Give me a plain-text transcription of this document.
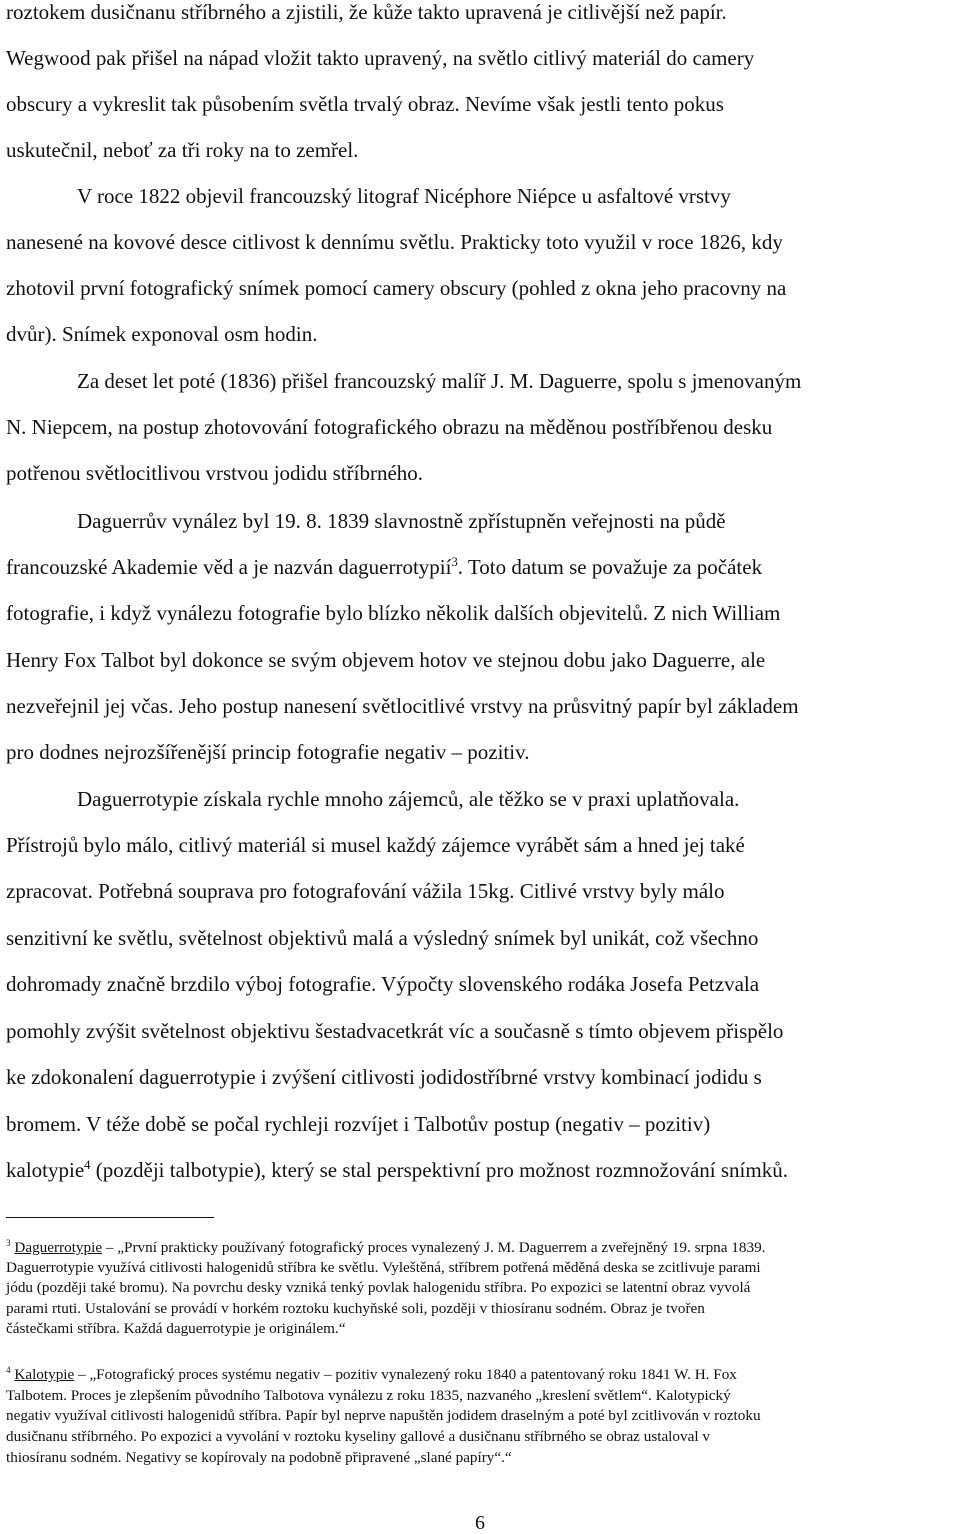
roztokem dusičnanu stříbrného a zjistili, že kůže takto upravená je citlivější než papír.
Wegwood pak přišel na nápad vložit takto upravený, na světlo citlivý materiál do camery
obscury a vykreslit tak působením světla trvalý obraz. Nevíme však jestli tento pokus
uskutečnil, neboť za tři roky na to zemřel.
V roce 1822 objevil francouzský litograf Nicéphore Niépce u asfaltové vrstvy
nanesené na kovové desce citlivost k dennímu světlu. Prakticky toto využil v roce 1826, kdy
zhotovil první fotografický snímek pomocí camery obscury (pohled z okna jeho pracovny na
dvůr). Snímek exponoval osm hodin.
Za deset let poté (1836) přišel francouzský malíř J. M. Daguerre, spolu s jmenovaným
N. Niepcem, na postup zhotovování fotografického obrazu na měděnou postříbřenou desku
potřenou světlocitlivou vrstvou jodidu stříbrného.
Daguerrův vynález byl 19. 8. 1839 slavnostně zpřístupněn veřejnosti na půdě
francouzské Akademie věd a je nazván daguerrotypií$^3$. Toto datum se považuje za počátek
fotografie, i když vynálezu fotografie bylo blízko několik dalších objevitelů. Z nich William
Henry Fox Talbot byl dokonce se svým objevem hotov ve stejnou dobu jako Daguerre, ale
nezveřejnil jej včas. Jeho postup nanesení světlocitlivé vrstvy na průsvitný papír byl základem
pro dodnes nejrozšířenější princip fotografie negativ – pozitiv.
Daguerrotypie získala rychle mnoho zájemců, ale těžko se v praxi uplatňovala.
Přístrojů bylo málo, citlivý materiál si musel každý zájemce vyrábět sám a hned jej také
zpracovat. Potřebná souprava pro fotografování vážila 15kg. Citlivé vrstvy byly málo
senzitivní ke světlu, světelnost objektivů malá a výsledný snímek byl unikát, což všechno
dohromady značně brzdilo výboj fotografie. Výpočty slovenského rodáka Josefa Petzvala
pomohly zvýšit světelnost objektivu šestadvacetkrát víc a současně s tímto objevem přispělo
ke zdokonalení daguerrotypie i zvýšení citlivosti jodidostříbrné vrstvy kombinací jodidu s
bromem. V téže době se počal rychleji rozvíjet i Talbotův postup (negativ – pozitiv)
kalotypie$^4$ (později talbotypie), který se stal perspektivní pro možnost rozmnožování snímků.
$^3$ Daguerrotypie – „První prakticky používaný fotografický proces vynalezený J. M. Daguerrem a zveřejněný 19. srpna 1839.
Daguerrotypie využívá citlivosti halogenidů stříbra ke světlu. Vyleštěná, stříbrem potřená měděná deska se zcitlivuje parami
jódu (později také bromu). Na povrchu desky vzniká tenký povlak halogenidu stříbra. Po expozici se latentní obraz vyvolá
parami rtuti. Ustalování se provádí v horkém roztoku kuchyňské soli, později v thiosíranu sodném. Obraz je tvořen
částečkami stříbra. Každá daguerrotypie je originálem.“
$^4$ Kalotypie – „Fotografický proces systému negativ – pozitiv vynalezený roku 1840 a patentovaný roku 1841 W. H. Fox
Talbotem. Proces je zlepšením původního Talbotova vynálezu z roku 1835, nazvaného „kreslení světlem“. Kalotypický
negativ využíval citlivosti halogenidů stříbra. Papír byl neprve napuštěn jodidem draselným a poté byl zcitlivován v roztoku
dusičnanu stříbrného. Po expozici a vyvolání v roztoku kyseliny gallové a dusičnanu stříbrného se obraz ustaloval v
thiosíranu sodném. Negativy se kopírovaly na podobně připravené „slané papíry“.“
6
